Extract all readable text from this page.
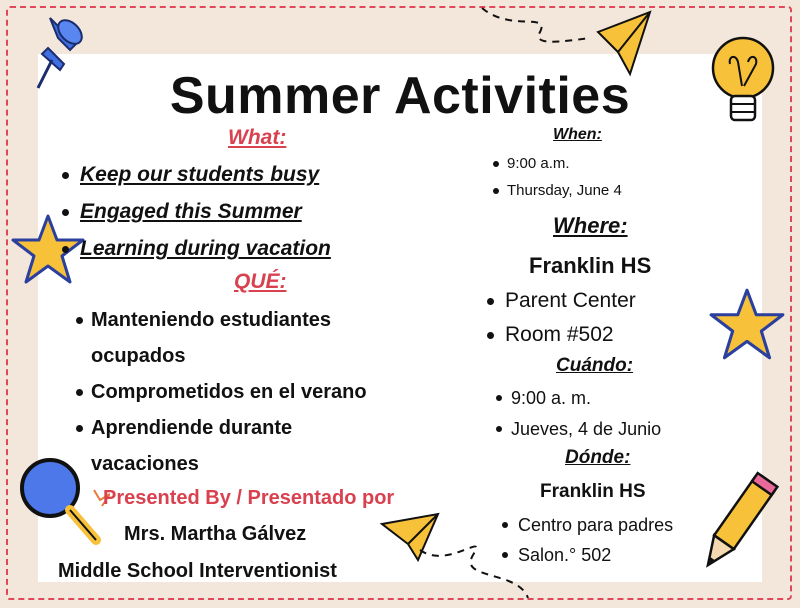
Summer Activities
What:
Keep our students busy
Engaged this Summer
Learning during vacation
QUÉ:
Manteniendo estudiantes ocupados
Comprometidos en el verano
Aprendiende durante vacaciones
When:
9:00 a.m.
Thursday, June 4
Where:
Franklin HS
Parent Center
Room #502
Cuándo:
9:00 a. m.
Jueves, 4 de Junio
Dónde:
Franklin HS
Centro para padres
Salon.° 502
Presented By / Presentado por
Mrs. Martha Gálvez
Middle School Interventionist
